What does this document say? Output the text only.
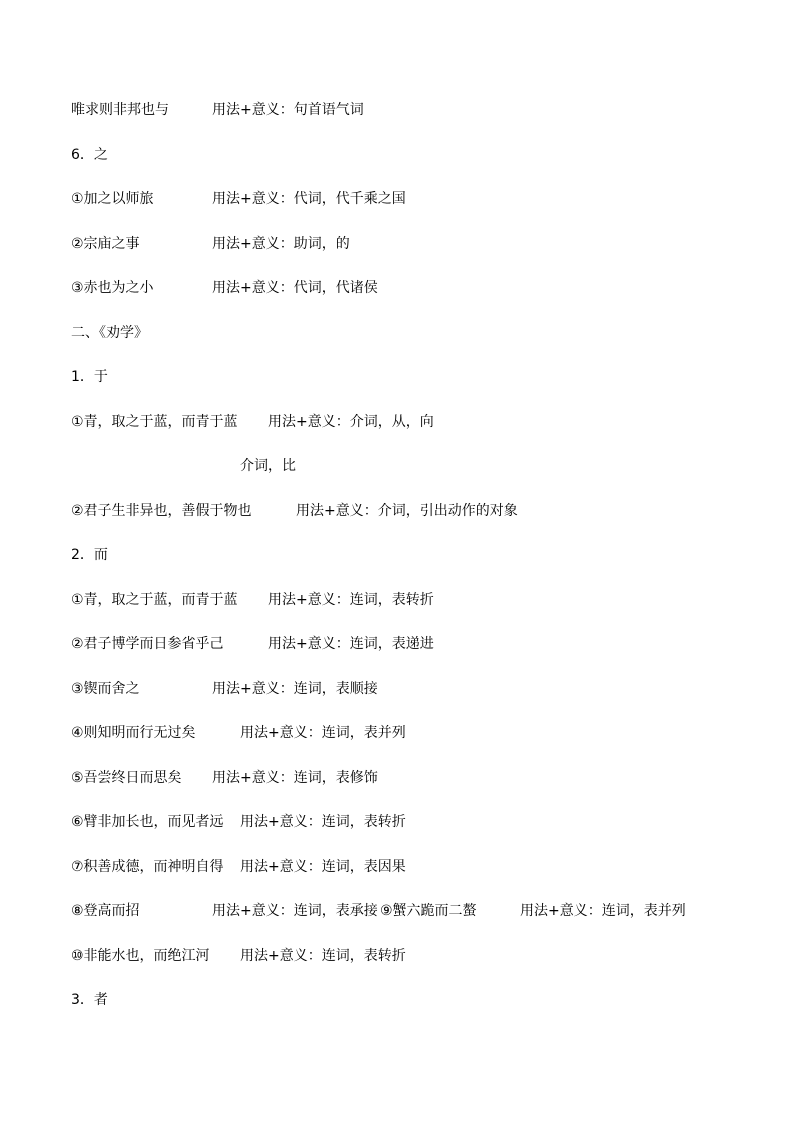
唯求则非邦也与	用法+意义：句首语气词
6．之
①加之以师旅	用法+意义：代词，代千乘之国
②宗庙之事	用法+意义：助词，的
③赤也为之小	用法+意义：代词，代诸侯
二、《劝学》
1．于
①青，取之于蓝，而青于蓝 用法+意义：介词，从，向
介词，比
②君子生非异也，善假于物也	用法+意义：介词，引出动作的对象
2．而
①青，取之于蓝，而青于蓝 用法+意义：连词，表转折
②君子博学而日参省乎己	用法+意义：连词，表递进
③锲而舍之	用法+意义：连词，表顺接
④则知明而行无过矣	用法+意义：连词，表并列
⑤吾尝终日而思矣 用法+意义：连词，表修饰
⑥臂非加长也，而见者远 用法+意义：连词，表转折
⑦积善成德，而神明自得 用法+意义：连词，表因果
⑧登高而招	用法+意义：连词，表承接 ⑨蟹六跪而二螯	用法+意义：连词，表并列
⑩非能水也，而绝江河 用法+意义：连词，表转折
3．者
